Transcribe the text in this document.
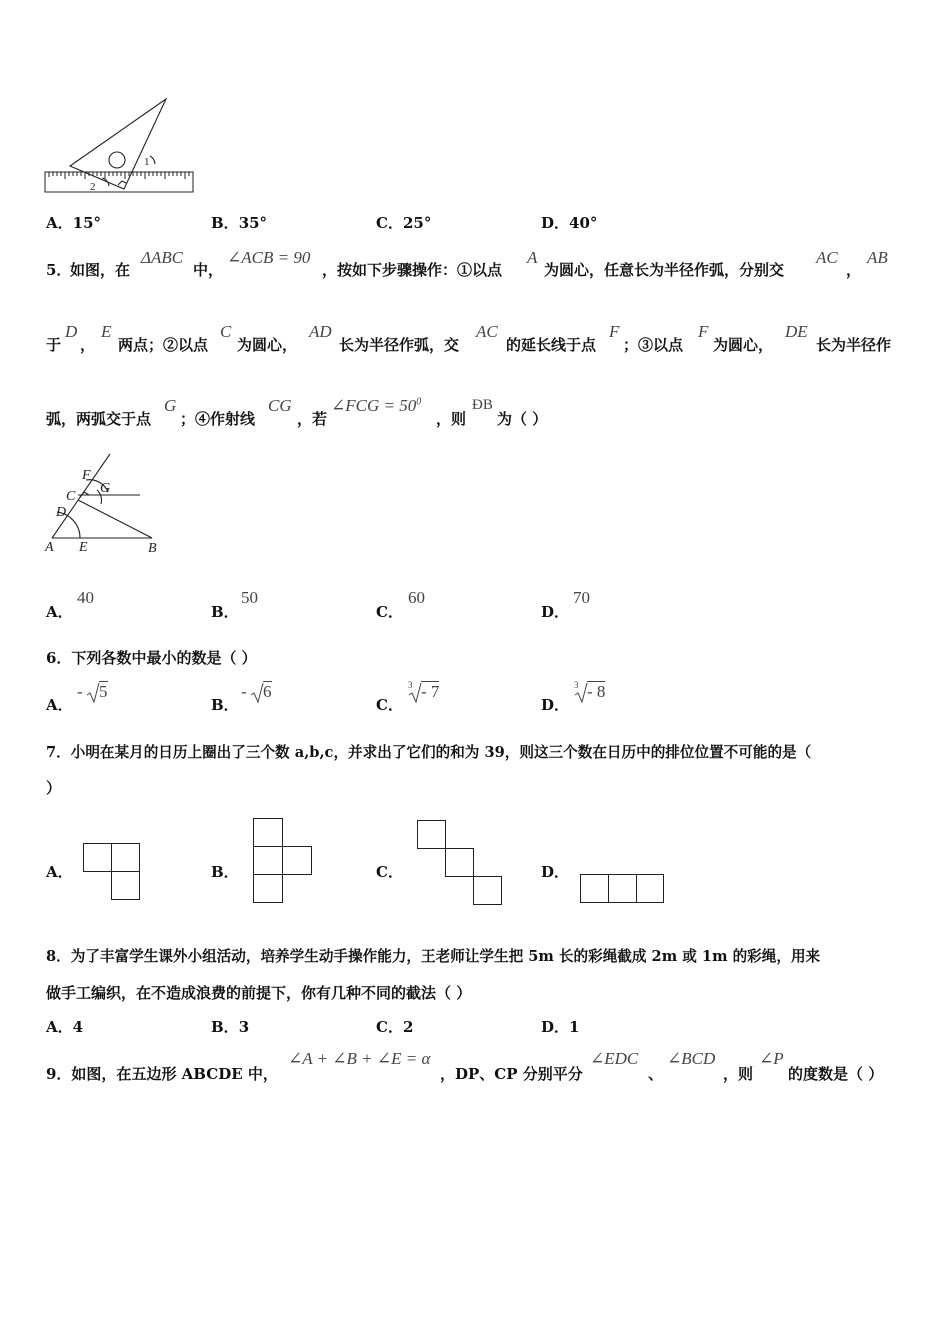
1
2
A．15°	B．35°	C．25°	D．40°
5．
如图，在
ΔABC
中，
∠ACB = 90
，按如下步骤操作：①以点
A
为圆心，任意长为半径作弧，分别交
AC
，
AB
于
D
，
E
两点；②以点
C
为圆心，
AD
长为半径作弧，交
AC
的延长线于点
F
；③以点
F
为圆心，
DE
长为半径作
弧，两弧交于点
G
；④作射线
CG
，若
∠FCG = $50^0$
，则
ÐB
为（ ）
F
G
C
D
A E	B
A．
40
B．
50
C．
60
D．
70
6．下列各数中最小的数是（ ）
A．
- 5
B．
- 6
C．
3 - 7
D．
3 - 8
7．小明在某月的日历上圈出了三个数 a,b,c，并求出了它们的和为 39，则这三个数在日历中的排位位置不可能的是（
）
A．	B．	C．	D．
8．为了丰富学生课外小组活动，培养学生动手操作能力，王老师让学生把 5m 长的彩绳截成 2m 或 1m 的彩绳，用来
做手工编织，在不造成浪费的前提下，你有几种不同的截法（ ）
A．4	B．3	C．2	D．1
9．如图，在五边形 ABCDE 中，
∠A + ∠B + ∠E = α
，DP、CP 分别平分
∠EDC
、
∠BCD
，则
∠P
的度数是（ ）
